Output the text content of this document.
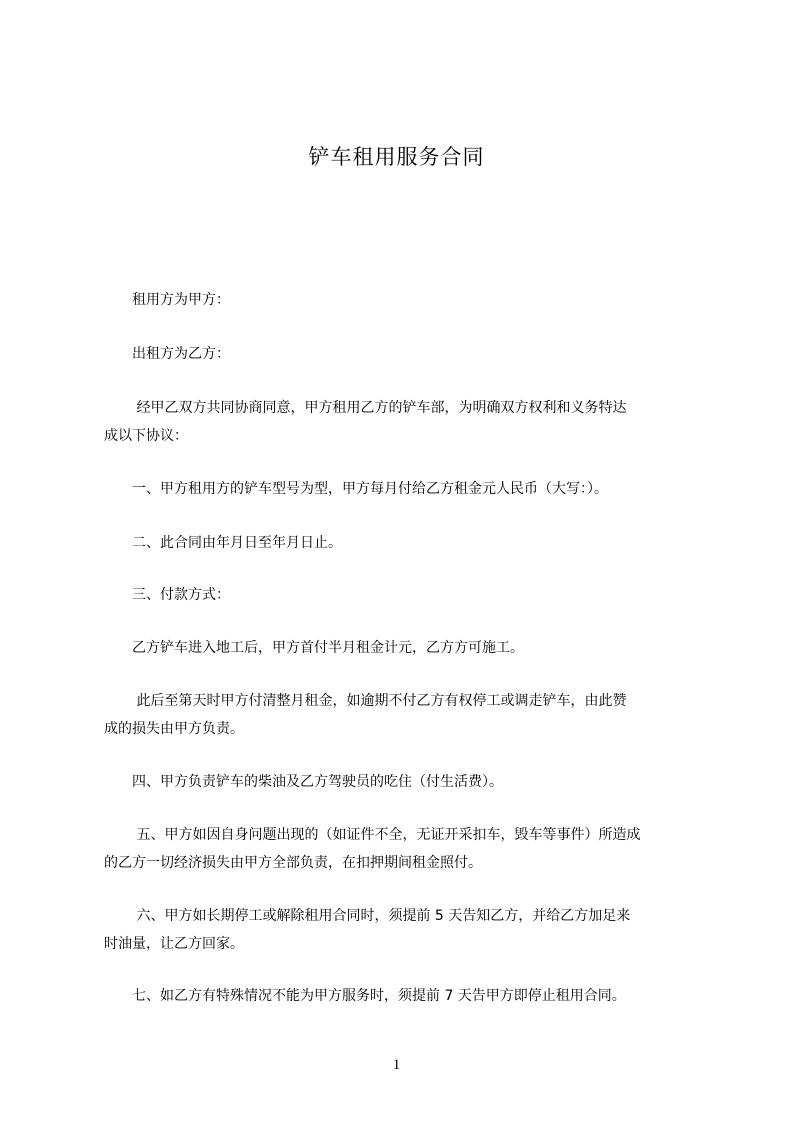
铲车租用服务合同
　　租用方为甲方：
　　出租方为乙方：
　　 经甲乙双方共同协商同意，甲方租用乙方的铲车部，为明确双方权利和义务特达
成以下协议：
　　一、甲方租用方的铲车型号为型，甲方每月付给乙方租金元人民币（大写：）。
　　二、此合同由年月日至年月日止。
　　三、付款方式：
　　乙方铲车进入地工后，甲方首付半月租金计元，乙方方可施工。
　　 此后至第天时甲方付清整月租金，如逾期不付乙方有权停工或调走铲车，由此赞
成的损失由甲方负责。
　　四、甲方负责铲车的柴油及乙方驾驶员的吃住（付生活费）。
　　 五、甲方如因自身问题出现的（如证件不全，无证开采扣车，毁车等事件）所造成
的乙方一切经济损失由甲方全部负责，在扣押期间租金照付。
　　 六、甲方如长期停工或解除租用合同时，须提前 5 天告知乙方，并给乙方加足来
时油量，让乙方回家。
　　七、如乙方有特殊情况不能为甲方服务时，须提前 7 天告甲方即停止租用合同。
1
